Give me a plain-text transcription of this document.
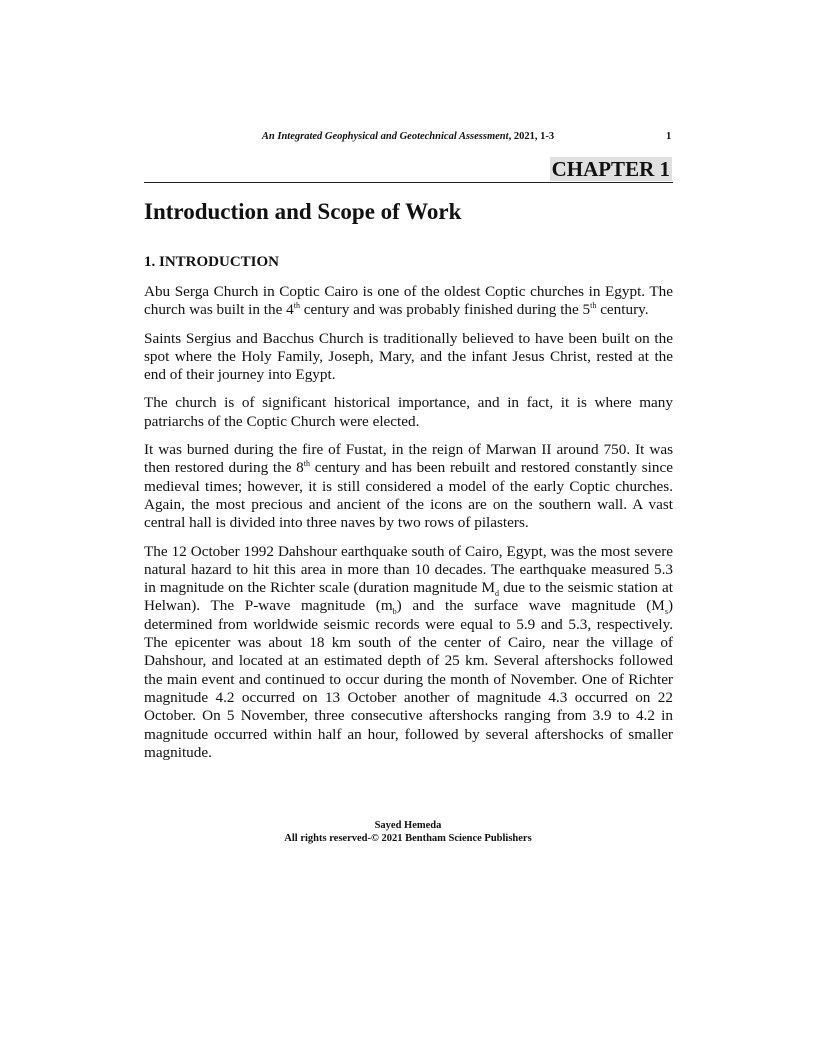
An Integrated Geophysical and Geotechnical Assessment, 2021, 1-3	1
CHAPTER 1
Introduction and Scope of Work
1. INTRODUCTION

Abu Serga Church in Coptic Cairo is one of the oldest Coptic churches in Egypt. The church was built in the 4th century and was probably finished during the 5th century.

Saints Sergius and Bacchus Church is traditionally believed to have been built on the spot where the Holy Family, Joseph, Mary, and the infant Jesus Christ, rested at the end of their journey into Egypt.

The church is of significant historical importance, and in fact, it is where many patriarchs of the Coptic Church were elected.

It was burned during the fire of Fustat, in the reign of Marwan II around 750. It was then restored during the 8th century and has been rebuilt and restored constantly since medieval times; however, it is still considered a model of the early Coptic churches. Again, the most precious and ancient of the icons are on the southern wall. A vast central hall is divided into three naves by two rows of pilasters.

The 12 October 1992 Dahshour earthquake south of Cairo, Egypt, was the most severe natural hazard to hit this area in more than 10 decades. The earthquake measured 5.3 in magnitude on the Richter scale (duration magnitude $M_d$ due to the seismic station at Helwan). The P-wave magnitude $(m_b)$ and the surface wave magnitude $(M_s)$ determined from worldwide seismic records were equal to 5.9 and 5.3, respectively. The epicenter was about 18 km south of the center of Cairo, near the village of Dahshour, and located at an estimated depth of 25 km. Several aftershocks followed the main event and continued to occur during the month of November. One of Richter magnitude 4.2 occurred on 13 October another of magnitude 4.3 occurred on 22 October. On 5 November, three consecutive aftershocks ranging from 3.9 to 4.2 in magnitude occurred within half an hour, followed by several aftershocks of smaller magnitude.

Sayed Hemeda
All rights reserved-© 2021 Bentham Science Publishers
